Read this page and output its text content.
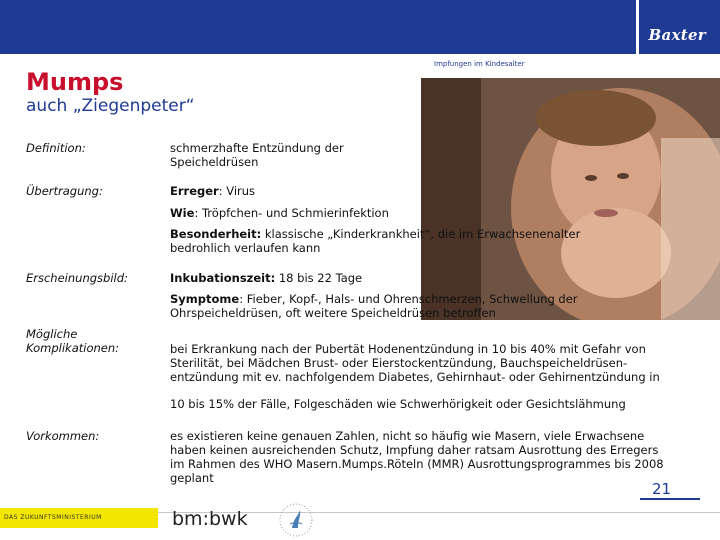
Baxter
Impfungen im Kindesalter
Mumps
auch „Ziegenpeter“
Definition:	schmerzhafte Entzündung der Speicheldrüsen
Übertragung:	Erreger: Virus
Wie: Tröpfchen- und Schmierinfektion
Besonderheit: klassische „Kinderkrankheit“, die im Erwachsenenalter bedrohlich verlaufen kann
Erscheinungsbild:	Inkubationszeit: 18 bis 22 Tage
Symptome: Fieber, Kopf-, Hals- und Ohrenschmerzen, Schwellung der Ohrspeicheldrüsen, oft weitere Speicheldrüsen betroffen
Mögliche
Komplikationen:	bei Erkrankung nach der Pubertät Hodenentzündung in 10 bis 40% mit Gefahr von Sterilität, bei Mädchen Brust- oder Eierstockentzündung, Bauchspeicheldrüsen-entzündung mit ev. nachfolgendem Diabetes, Gehirnhaut- oder Gehirnentzündung in
10 bis 15% der Fälle, Folgeschäden wie Schwerhörigkeit oder Gesichtslähmung
Vorkommen:	es existieren keine genauen Zahlen, nicht so häufig wie Masern, viele Erwachsene haben keinen ausreichenden Schutz, Impfung daher ratsam Ausrottung des Erregers im Rahmen des WHO Masern.Mumps.Röteln (MMR) Ausrottungsprogrammes bis 2008 geplant
21
DAS ZUKUNFTSMINISTERIUM	bm:bwk
